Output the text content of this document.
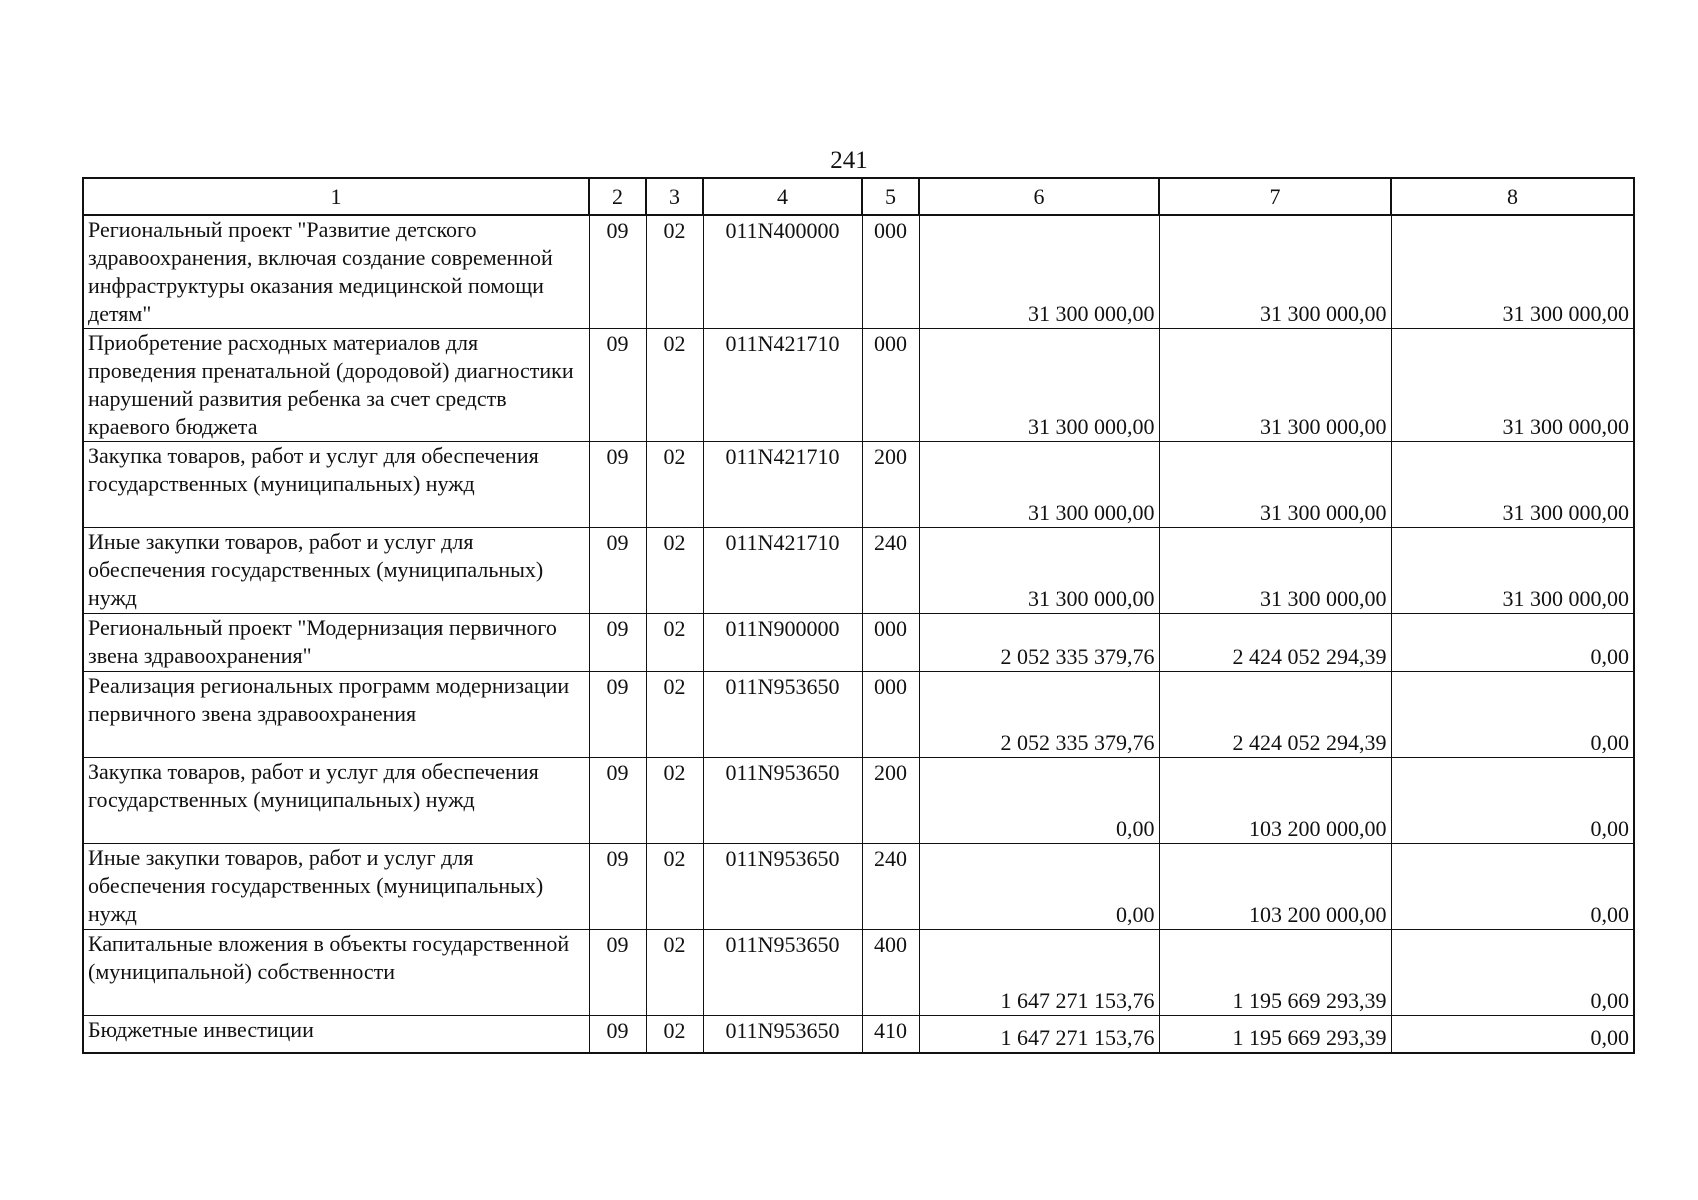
241
1	2	3	4	5	6	7	8
Региональный проект "Развитие детского здравоохранения, включая создание современной инфраструктуры оказания медицинской помощи детям"	09	02	011N400000	000	31 300 000,00	31 300 000,00	31 300 000,00
Приобретение расходных материалов для проведения пренатальной (дородовой) диагностики нарушений развития ребенка за счет средств краевого бюджета	09	02	011N421710	000	31 300 000,00	31 300 000,00	31 300 000,00
Закупка товаров, работ и услуг для обеспечения государственных (муниципальных) нужд	09	02	011N421710	200	31 300 000,00	31 300 000,00	31 300 000,00
Иные закупки товаров, работ и услуг для обеспечения государственных (муниципальных) нужд	09	02	011N421710	240	31 300 000,00	31 300 000,00	31 300 000,00
Региональный проект "Модернизация первичного звена здравоохранения"	09	02	011N900000	000	2 052 335 379,76	2 424 052 294,39	0,00
Реализация региональных программ модернизации первичного звена здравоохранения	09	02	011N953650	000	2 052 335 379,76	2 424 052 294,39	0,00
Закупка товаров, работ и услуг для обеспечения государственных (муниципальных) нужд	09	02	011N953650	200	0,00	103 200 000,00	0,00
Иные закупки товаров, работ и услуг для обеспечения государственных (муниципальных) нужд	09	02	011N953650	240	0,00	103 200 000,00	0,00
Капитальные вложения в объекты государственной (муниципальной) собственности	09	02	011N953650	400	1 647 271 153,76	1 195 669 293,39	0,00
Бюджетные инвестиции	09	02	011N953650	410	1 647 271 153,76	1 195 669 293,39	0,00
